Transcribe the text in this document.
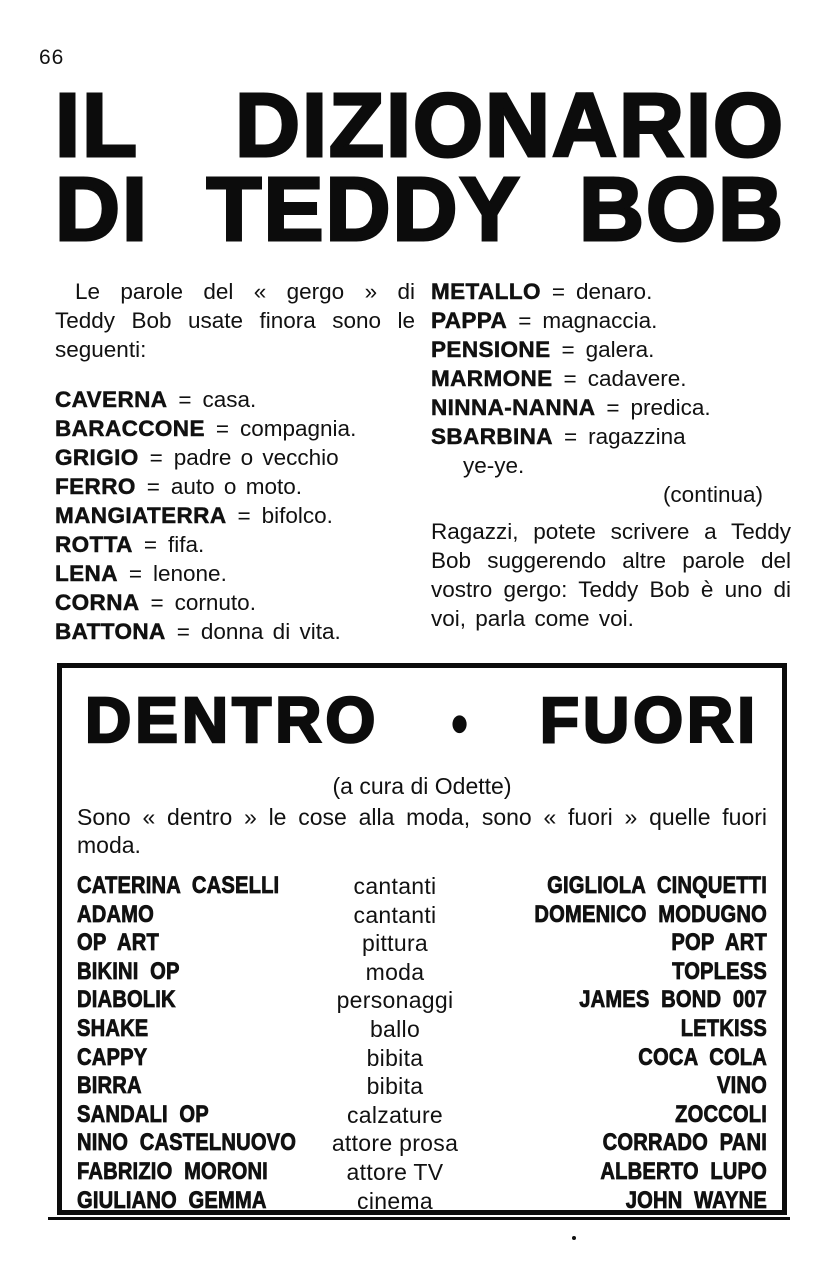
66
IL DIZIONARIO
DI TEDDY BOB

Le parole del « gergo » di Teddy Bob usate finora sono le seguenti:

CAVERNA = casa.

BARACCONE = compagnia.

GRIGIO = padre o vecchio

FERRO = auto o moto.

MANGIATERRA = bifolco.

ROTTA = fifa.

LENA = lenone.

CORNA = cornuto.

BATTONA = donna di vita.

METALLO = denaro.

PAPPA = magnaccia.

PENSIONE = galera.

MARMONE = cadavere.

NINNA-NANNA = predica.

SBARBINA = ragazzina
ye-ye.

(continua)

Ragazzi, potete scrivere a Teddy Bob suggerendo altre parole del vostro gergo: Teddy Bob è uno di voi, parla come voi.

DENTRO • FUORI
(a cura di Odette)
Sono « dentro » le cose alla moda, sono « fuori » quelle fuori moda.
CATERINA CASELLI	cantanti	GIGLIOLA CINQUETTI
ADAMO	cantanti	DOMENICO MODUGNO
OP ART	pittura	POP ART
BIKINI OP	moda	TOPLESS
DIABOLIK	personaggi	JAMES BOND 007
SHAKE	ballo	LETKISS
CAPPY	bibita	COCA COLA
BIRRA	bibita	VINO
SANDALI OP	calzature	ZOCCOLI
NINO CASTELNUOVO	attore prosa	CORRADO PANI
FABRIZIO MORONI	attore TV	ALBERTO LUPO
GIULIANO GEMMA	cinema	JOHN WAYNE
